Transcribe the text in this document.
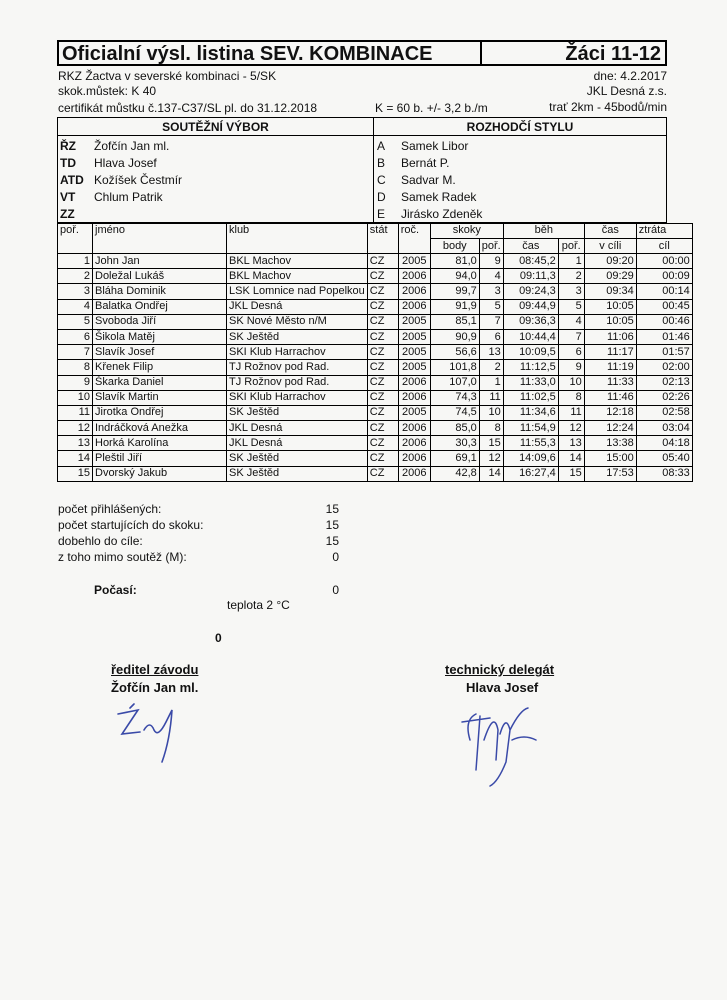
Oficialní výsl. listina SEV. KOMBINACE	Žáci 11-12
RKZ Žactva v severské kombinaci - 5/SK	dne: 4.2.2017
skok.můstek: K 40	JKL Desná z.s.
certifikát můstku č.137-C37/SL pl. do 31.12.2018	K = 60 b. +/- 3,2 b./m	trať 2km - 45bodů/min
SOUTĚŽNÍ VÝBOR	ROZHODČÍ STYLU
ŘZ Žofčín Jan ml.
TD Hlava Josef
ATD Kožíšek Čestmír
VT Chlum Patrik
ZZ
A Samek Libor
B Bernát P.
C Sadvar M.
D Samek Radek
E Jirásko Zdeněk
poř.	jméno	klub	stát	roč.	skoky		běh		čas	ztráta
					body	poř.	čas	poř.	v cíli	cíl
1	John Jan	BKL Machov	CZ	2005	81,0	9	08:45,2	1	09:20	00:00
2	Doležal Lukáš	BKL Machov	CZ	2006	94,0	4	09:11,3	2	09:29	00:09
3	Bláha Dominik	LSK Lomnice nad Popelkou	CZ	2006	99,7	3	09:24,3	3	09:34	00:14
4	Balatka Ondřej	JKL Desná	CZ	2006	91,9	5	09:44,9	5	10:05	00:45
5	Svoboda Jiří	SK Nové Město n/M	CZ	2005	85,1	7	09:36,3	4	10:05	00:46
6	Šikola Matěj	SK Ještěd	CZ	2005	90,9	6	10:44,4	7	11:06	01:46
7	Slavík Josef	SKI Klub Harrachov	CZ	2005	56,6	13	10:09,5	6	11:17	01:57
8	Křenek Filip	TJ Rožnov pod Rad.	CZ	2005	101,8	2	11:12,5	9	11:19	02:00
9	Škarka Daniel	TJ Rožnov pod Rad.	CZ	2006	107,0	1	11:33,0	10	11:33	02:13
10	Slavík Martin	SKI Klub Harrachov	CZ	2006	74,3	11	11:02,5	8	11:46	02:26
11	Jirotka Ondřej	SK Ještěd	CZ	2005	74,5	10	11:34,6	11	12:18	02:58
12	Indráčková Anežka	JKL Desná	CZ	2006	85,0	8	11:54,9	12	12:24	03:04
13	Horká Karolína	JKL Desná	CZ	2006	30,3	15	11:55,3	13	13:38	04:18
14	Pleštil Jiří	SK Ještěd	CZ	2006	69,1	12	14:09,6	14	15:00	05:40
15	Dvorský Jakub	SK Ještěd	CZ	2006	42,8	14	16:27,4	15	17:53	08:33
počet přihlášených:	15
počet startujících do skoku:	15
dobehlo do cíle:	15
z toho mimo soutěž (M):	0
Počasí:	0
teplota 2 °C
0
ředitel závodu
Žofčín Jan ml.
technický delegát
Hlava Josef
